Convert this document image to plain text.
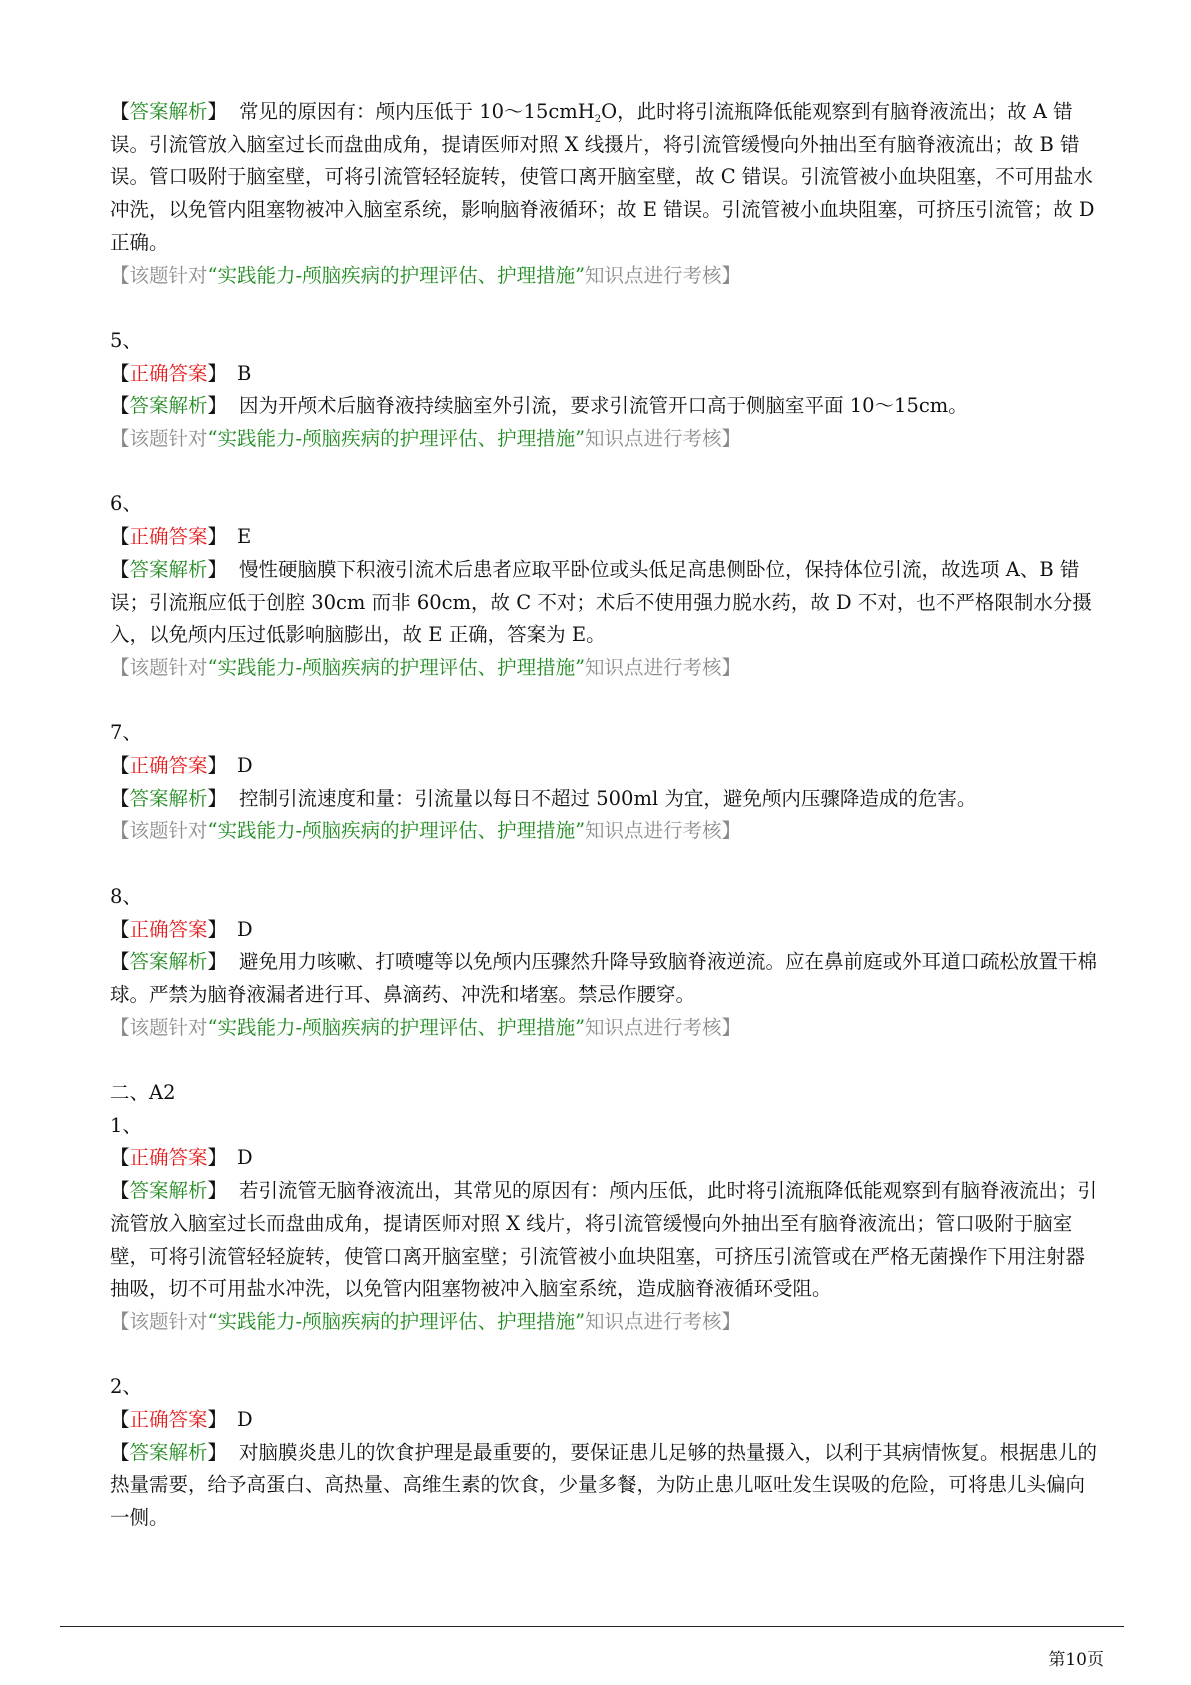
【答案解析】 常见的原因有：颅内压低于 10～15cmH$_2$O，此时将引流瓶降低能观察到有脑脊液流出；故 A 错误。引流管放入脑室过长而盘曲成角，提请医师对照 X 线摄片，将引流管缓慢向外抽出至有脑脊液流出；故 B 错误。管口吸附于脑室壁，可将引流管轻轻旋转，使管口离开脑室壁，故 C 错误。引流管被小血块阻塞，不可用盐水冲洗，以免管内阻塞物被冲入脑室系统，影响脑脊液循环；故 E 错误。引流管被小血块阻塞，可挤压引流管；故 D 正确。
【该题针对“实践能力-颅脑疾病的护理评估、护理措施”知识点进行考核】
5、
【正确答案】 B
【答案解析】 因为开颅术后脑脊液持续脑室外引流，要求引流管开口高于侧脑室平面 10～15cm。
【该题针对“实践能力-颅脑疾病的护理评估、护理措施”知识点进行考核】
6、
【正确答案】 E
【答案解析】 慢性硬脑膜下积液引流术后患者应取平卧位或头低足高患侧卧位，保持体位引流，故选项 A、B 错误；引流瓶应低于创腔 30cm 而非 60cm，故 C 不对；术后不使用强力脱水药，故 D 不对，也不严格限制水分摄入，以免颅内压过低影响脑膨出，故 E 正确，答案为 E。
【该题针对“实践能力-颅脑疾病的护理评估、护理措施”知识点进行考核】
7、
【正确答案】 D
【答案解析】 控制引流速度和量：引流量以每日不超过 500ml 为宜，避免颅内压骤降造成的危害。
【该题针对“实践能力-颅脑疾病的护理评估、护理措施”知识点进行考核】
8、
【正确答案】 D
【答案解析】 避免用力咳嗽、打喷嚏等以免颅内压骤然升降导致脑脊液逆流。应在鼻前庭或外耳道口疏松放置干棉球。严禁为脑脊液漏者进行耳、鼻滴药、冲洗和堵塞。禁忌作腰穿。
【该题针对“实践能力-颅脑疾病的护理评估、护理措施”知识点进行考核】
二、A2
1、
【正确答案】 D
【答案解析】 若引流管无脑脊液流出，其常见的原因有：颅内压低，此时将引流瓶降低能观察到有脑脊液流出；引流管放入脑室过长而盘曲成角，提请医师对照 X 线片，将引流管缓慢向外抽出至有脑脊液流出；管口吸附于脑室壁，可将引流管轻轻旋转，使管口离开脑室壁；引流管被小血块阻塞，可挤压引流管或在严格无菌操作下用注射器抽吸，切不可用盐水冲洗，以免管内阻塞物被冲入脑室系统，造成脑脊液循环受阻。
【该题针对“实践能力-颅脑疾病的护理评估、护理措施”知识点进行考核】
2、
【正确答案】 D
【答案解析】 对脑膜炎患儿的饮食护理是最重要的，要保证患儿足够的热量摄入，以利于其病情恢复。根据患儿的热量需要，给予高蛋白、高热量、高维生素的饮食，少量多餐，为防止患儿呕吐发生误吸的危险，可将患儿头偏向一侧。
第10页
